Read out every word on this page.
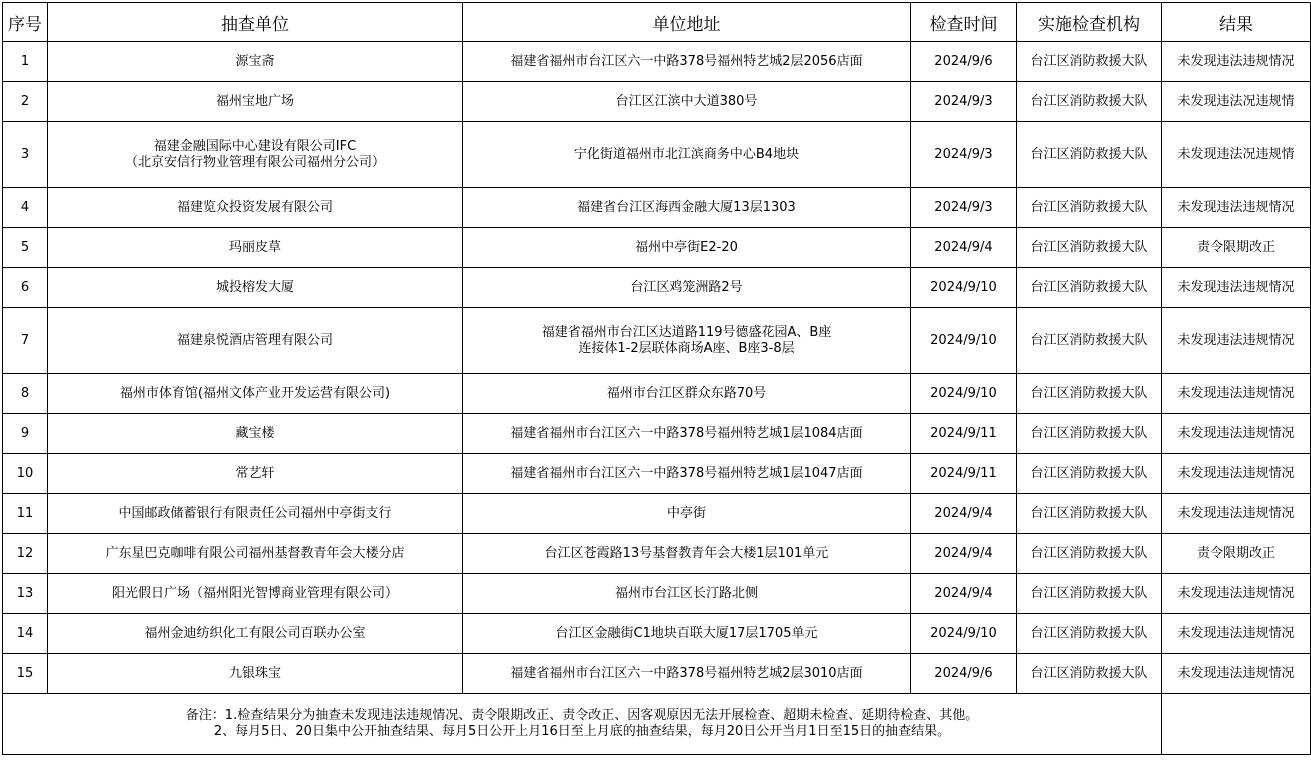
序号	抽查单位	单位地址	检查时间	实施检查机构	结果
1	源宝斋	福建省福州市台江区六一中路378号福州特艺城2层2056店面	2024/9/6	台江区消防救援大队	未发现违法违规情况
2	福州宝地广场	台江区江滨中大道380号	2024/9/3	台江区消防救援大队	未发现违法况违规情
3	福建金融国际中心建设有限公司IFC
（北京安信行物业管理有限公司福州分公司）	宁化街道福州市北江滨商务中心B4地块	2024/9/3	台江区消防救援大队	未发现违法况违规情
4	福建览众投资发展有限公司	福建省台江区海西金融大厦13层1303	2024/9/3	台江区消防救援大队	未发现违法违规情况
5	玛丽皮草	福州中亭街E2-20	2024/9/4	台江区消防救援大队	责令限期改正
6	城投榕发大厦	台江区鸡笼洲路2号	2024/9/10	台江区消防救援大队	未发现违法违规情况
7	福建泉悦酒店管理有限公司	福建省福州市台江区达道路119号德盛花园A、B座
连接体1-2层联体商场A座、B座3-8层	2024/9/10	台江区消防救援大队	未发现违法违规情况
8	福州市体育馆(福州文体产业开发运营有限公司)	福州市台江区群众东路70号	2024/9/10	台江区消防救援大队	未发现违法违规情况
9	藏宝楼	福建省福州市台江区六一中路378号福州特艺城1层1084店面	2024/9/11	台江区消防救援大队	未发现违法违规情况
10	常艺轩	福建省福州市台江区六一中路378号福州特艺城1层1047店面	2024/9/11	台江区消防救援大队	未发现违法违规情况
11	中国邮政储蓄银行有限责任公司福州中亭街支行	中亭街	2024/9/4	台江区消防救援大队	未发现违法违规情况
12	广东星巴克咖啡有限公司福州基督教青年会大楼分店	台江区苍霞路13号基督教青年会大楼1层101单元	2024/9/4	台江区消防救援大队	责令限期改正
13	阳光假日广场（福州阳光智博商业管理有限公司）	福州市台江区长汀路北侧	2024/9/4	台江区消防救援大队	未发现违法违规情况
14	福州金迪纺织化工有限公司百联办公室	台江区金融街C1地块百联大厦17层1705单元	2024/9/10	台江区消防救援大队	未发现违法违规情况
15	九银珠宝	福建省福州市台江区六一中路378号福州特艺城2层3010店面	2024/9/6	台江区消防救援大队	未发现违法违规情况

备注：1.检查结果分为抽查未发现违法违规情况、责令限期改正、责令改正、因客观原因无法开展检查、超期未检查、延期待检查、其他。
2、每月5日、20日集中公开抽查结果、每月5日公开上月16日至上月底的抽查结果，每月20日公开当月1日至15日的抽查结果。					
